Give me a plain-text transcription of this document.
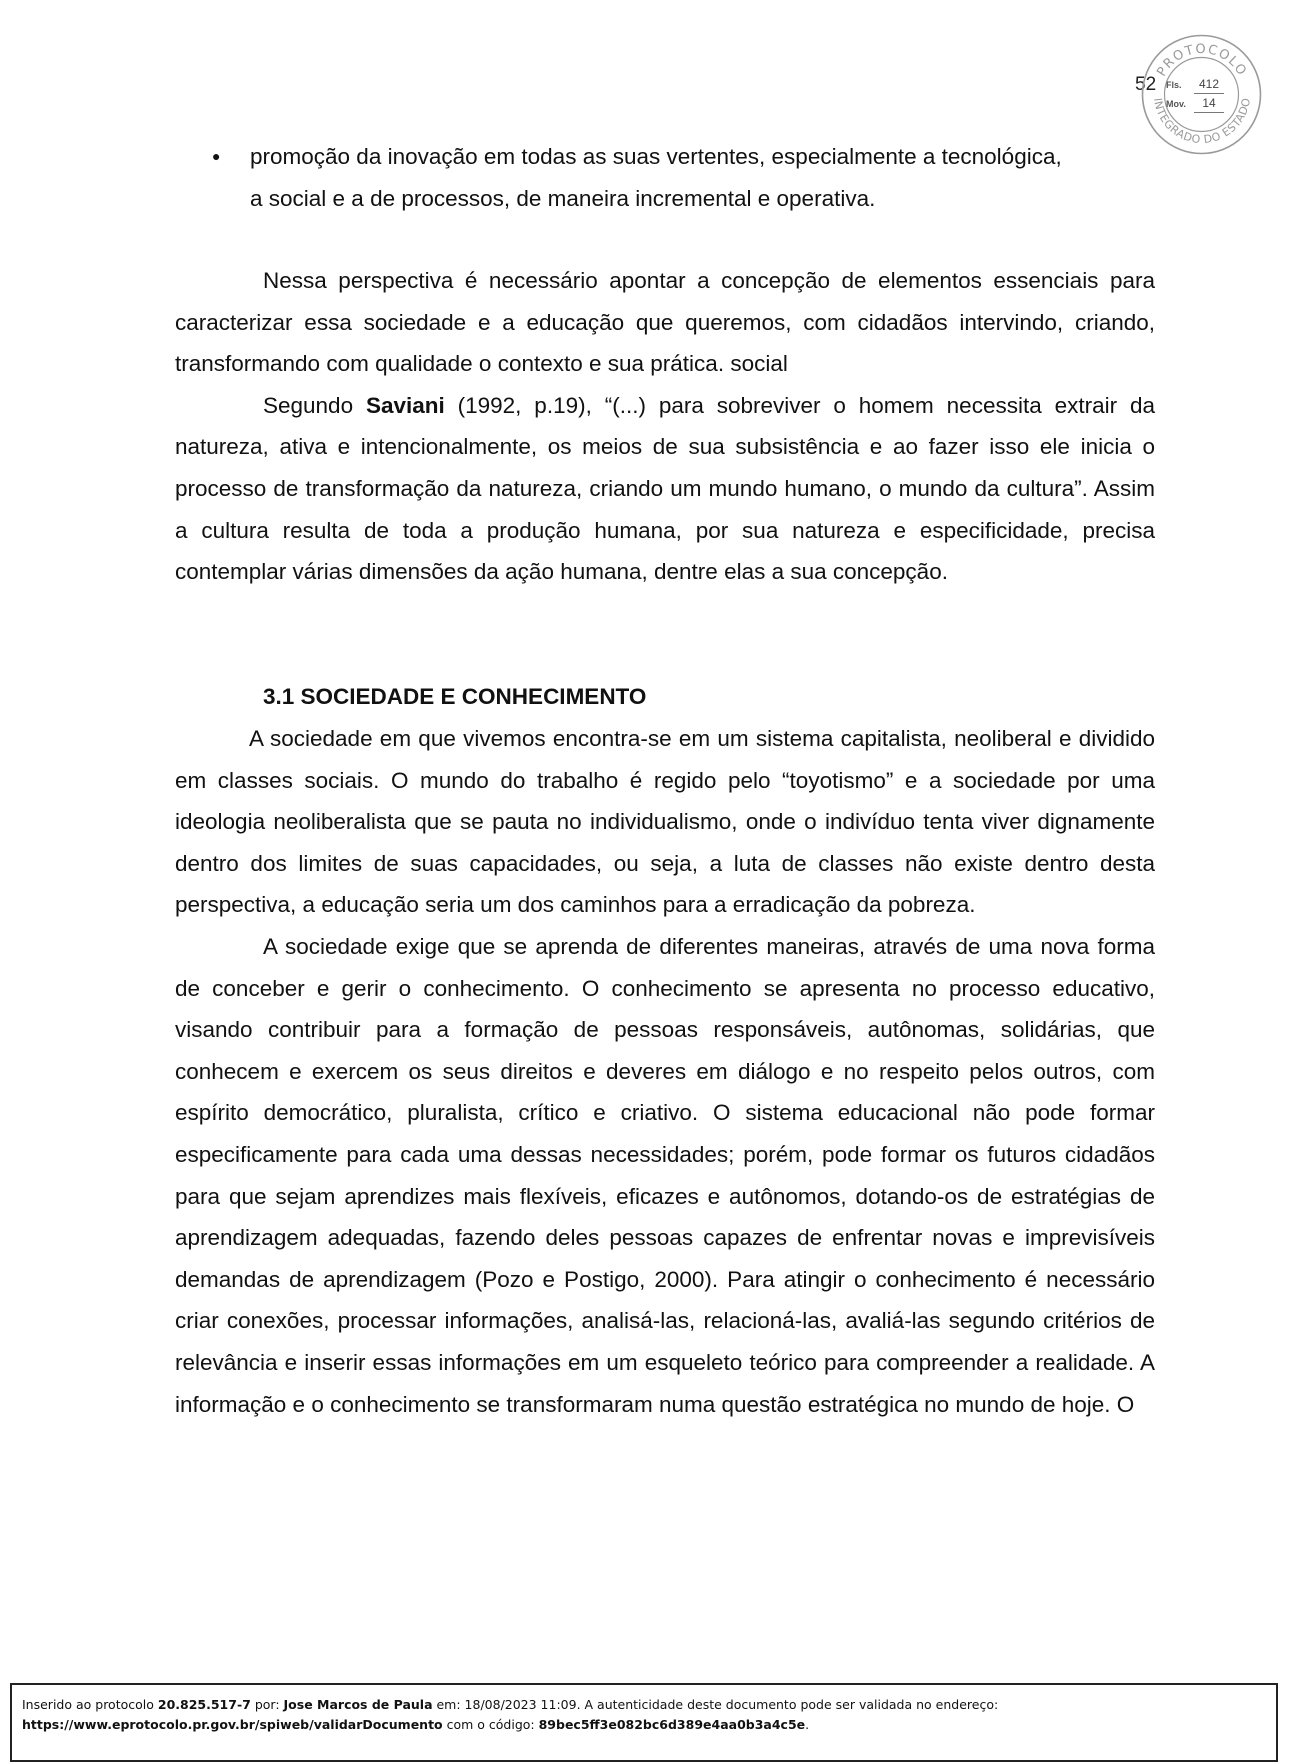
52
PROTOCOLO
INTEGRADO DO ESTADO
Fls.	412
Mov.	14
● promoção da inovação em todas as suas vertentes, especialmente a tecnológica,
a social e a de processos, de maneira incremental e operativa.

Nessa perspectiva é necessário apontar a concepção de elementos essenciais para caracterizar essa sociedade e a educação que queremos, com cidadãos intervindo, criando, transformando com qualidade o contexto e sua prática. social

Segundo Saviani (1992, p.19), “(...) para sobreviver o homem necessita extrair da natureza, ativa e intencionalmente, os meios de sua subsistência e ao fazer isso ele inicia o processo de transformação da natureza, criando um mundo humano, o mundo da cultura”. Assim a cultura resulta de toda a produção humana, por sua natureza e especificidade, precisa contemplar várias dimensões da ação humana, dentre elas a sua concepção.

3.1 SOCIEDADE E CONHECIMENTO

A sociedade em que vivemos encontra-se em um sistema capitalista, neoliberal e dividido em classes sociais. O mundo do trabalho é regido pelo “toyotismo” e a sociedade por uma ideologia neoliberalista que se pauta no individualismo, onde o indivíduo tenta viver dignamente dentro dos limites de suas capacidades, ou seja, a luta de classes não existe dentro desta perspectiva, a educação seria um dos caminhos para a erradicação da pobreza.

A sociedade exige que se aprenda de diferentes maneiras, através de uma nova forma de conceber e gerir o conhecimento. O conhecimento se apresenta no processo educativo, visando contribuir para a formação de pessoas responsáveis, autônomas, solidárias, que conhecem e exercem os seus direitos e deveres em diálogo e no respeito pelos outros, com espírito democrático, pluralista, crítico e criativo. O sistema educacional não pode formar especificamente para cada uma dessas necessidades; porém, pode formar os futuros cidadãos para que sejam aprendizes mais flexíveis, eficazes e autônomos, dotando-os de estratégias de aprendizagem adequadas, fazendo deles pessoas capazes de enfrentar novas e imprevisíveis demandas de aprendizagem (Pozo e Postigo, 2000). Para atingir o conhecimento é necessário criar conexões, processar informações, analisá-las, relacioná-las, avaliá-las segundo critérios de relevância e inserir essas informações em um esqueleto teórico para compreender a realidade. A informação e o conhecimento se transformaram numa questão estratégica no mundo de hoje. O

Inserido ao protocolo 20.825.517-7 por: Jose Marcos de Paula em: 18/08/2023 11:09. A autenticidade deste documento pode ser validada no endereço:
https://www.eprotocolo.pr.gov.br/spiweb/validarDocumento com o código: 89bec5ff3e082bc6d389e4aa0b3a4c5e.
